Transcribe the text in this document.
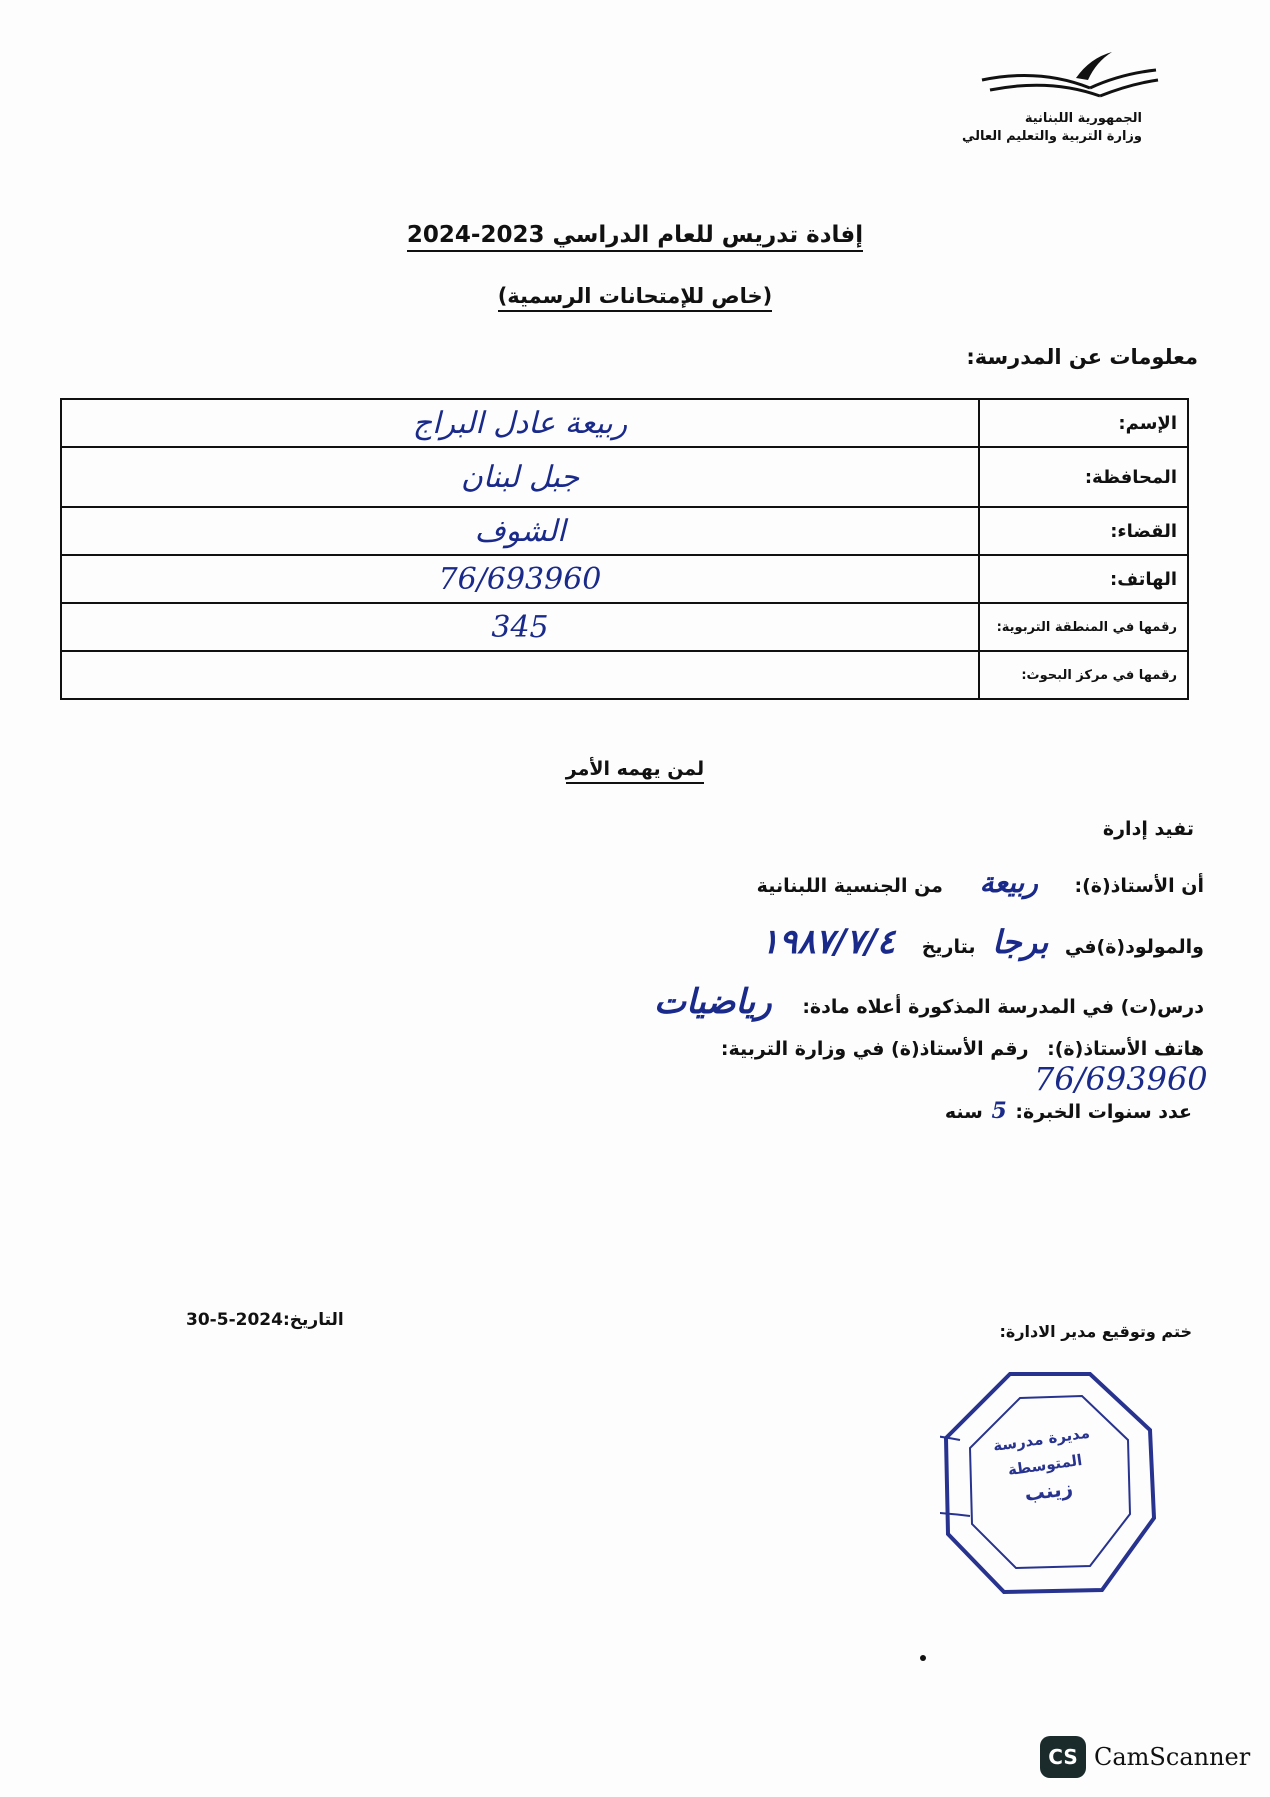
الجمهورية اللبنانية
وزارة التربية والتعليم العالي
إفادة تدريس للعام الدراسي 2023-2024
(خاص للإمتحانات الرسمية)
معلومات عن المدرسة:
الإسم:	ربيعة عادل البراج
المحافظة:	جبل لبنان
القضاء:	الشوف
الهاتف:	76/693960
رقمها في المنطقة التربوية:	345
رقمها في مركز البحوث:	
لمن يهمه الأمر
تفيد إدارة
أن الأستاذ(ة): ربيعة من الجنسية اللبنانية
والمولود(ة)في برجا بتاريخ ١٩٨٧/٧/٤
درس(ت) في المدرسة المذكورة أعلاه مادة: رياضيات
هاتف الأستاذ(ة): رقم الأستاذ(ة) في وزارة التربية:
76/693960
عدد سنوات الخبرة: 5 سنه
التاريخ:2024-5-30
ختم وتوقيع مدير الادارة:
مديرة مدرسة
المتوسطة
زينب
CS CamScanner
